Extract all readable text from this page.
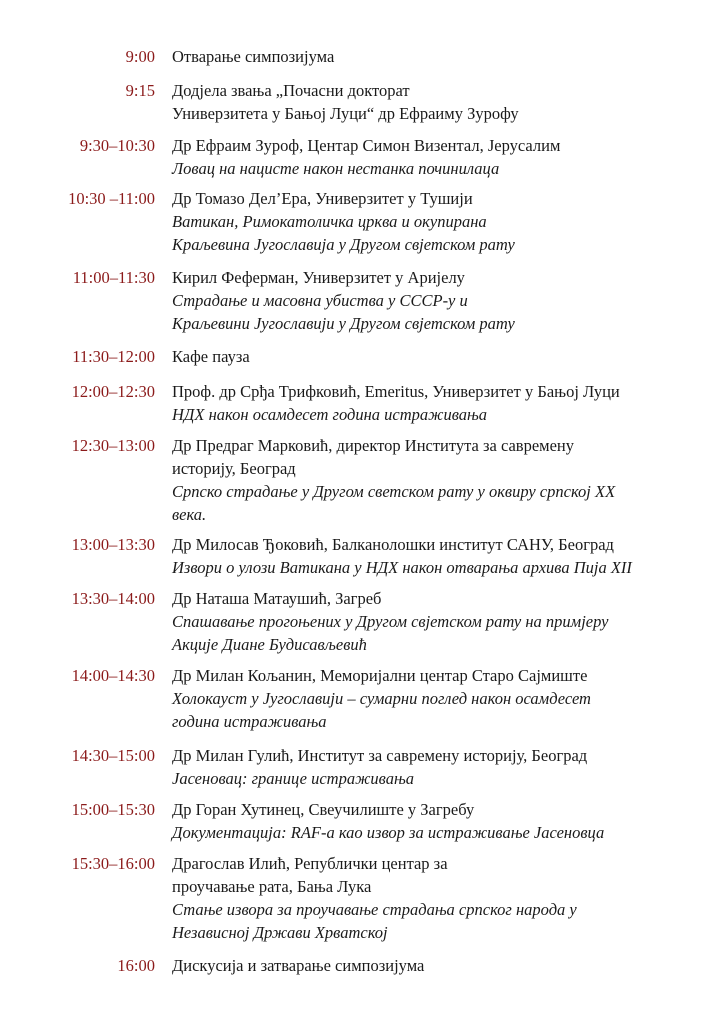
9:00 Отварање симпозијума
9:15 Додјела звања „Почасни докторат
Универзитета у Бањој Луци“ др Ефраиму Зурофу
9:30–10:30 Др Ефраим Зуроф, Центар Симон Визентал, Јерусалим
Ловац на нацисте након нестанка починилаца
10:30 –11:00 Др Томазо Дел’Ера, Универзитет у Тушији
Ватикан, Римокатоличка црква и окупирана
Краљевина Југославија у Другом свјетском рату
11:00–11:30 Кирил Феферман, Универзитет у Аријелу
Страдање и масовна убиства у СССР-у и
Краљевини Југославији у Другом свјетском рату
11:30–12:00 Кафе пауза
12:00–12:30 Проф. др Срђа Трифковић, Emeritus, Универзитет у Бањој Луци
НДХ након осамдесет година истраживања
12:30–13:00 Др Предраг Марковић, директор Института за савремену
историју, Београд
Српско страдање у Другом светском рату у оквиру српској XX
века.
13:00–13:30 Др Милосав Ђоковић, Балканолошки институт САНУ, Београд
Извори о улози Ватикана у НДХ након отварања архива Пија XII
13:30–14:00 Др Наташа Матаушић, Загреб
Спашавање прогоњених у Другом свјетском рату на примјеру
Акције Диане Будисављевић
14:00–14:30 Др Милан Кољанин, Меморијални центар Старо Сајмиште
Холокауст у Југославији – сумарни поглед након осамдесет
година истраживања
14:30–15:00 Др Милан Гулић, Институт за савремену историју, Београд
Јасеновац: границе истраживања
15:00–15:30 Др Горан Хутинец, Свеучилиште у Загребу
Документација: RAF-а као извор за истраживање Јасеновца
15:30–16:00 Драгослав Илић, Републички центар за
проучавање рата, Бања Лука
Стање извора за проучавање страдања српског народа у
Независној Држави Хрватској
16:00 Дискусија и затварање симпозијума
